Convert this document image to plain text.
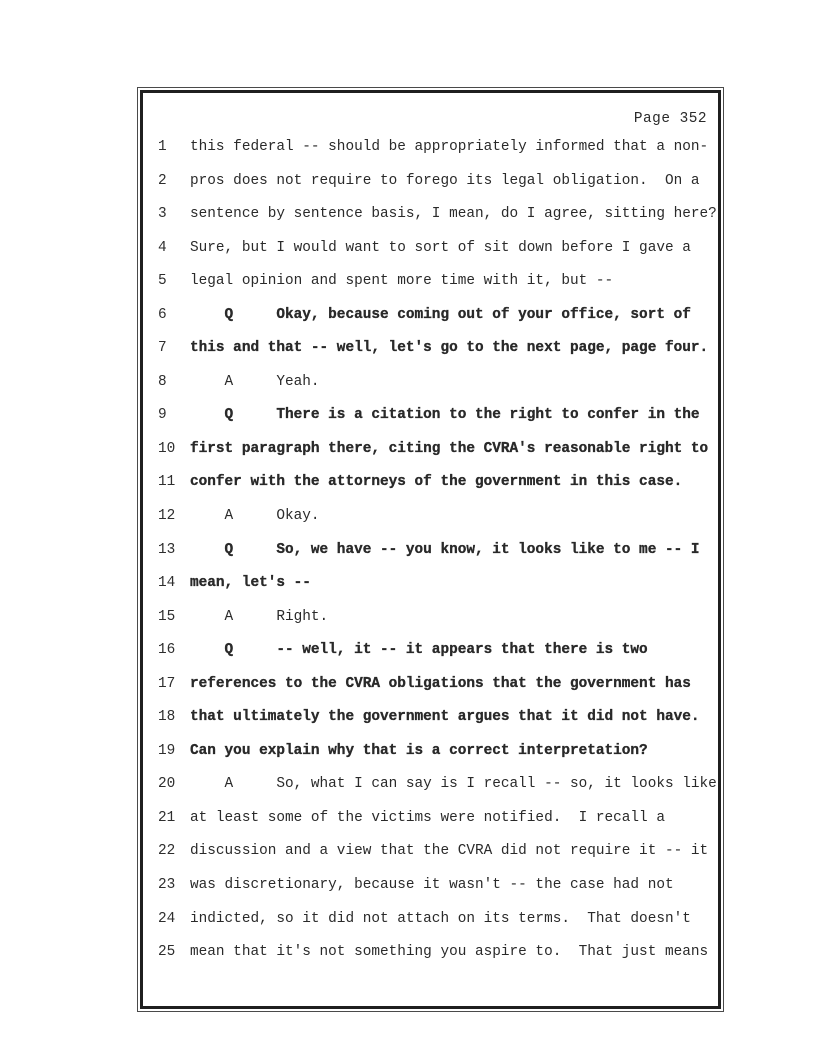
Page 352
1	this federal -- should be appropriately informed that a non-
2	pros does not require to forego its legal obligation.  On a
3	sentence by sentence basis, I mean, do I agree, sitting here?
4	Sure, but I would want to sort of sit down before I gave a
5	legal opinion and spent more time with it, but --
6	Q     Okay, because coming out of your office, sort of
7	this and that -- well, let's go to the next page, page four.
8	A     Yeah.
9	Q     There is a citation to the right to confer in the
10	first paragraph there, citing the CVRA's reasonable right to
11	confer with the attorneys of the government in this case.
12	A     Okay.
13	Q     So, we have -- you know, it looks like to me -- I
14	mean, let's --
15	A     Right.
16	Q     -- well, it -- it appears that there is two
17	references to the CVRA obligations that the government has
18	that ultimately the government argues that it did not have.
19	Can you explain why that is a correct interpretation?
20	A     So, what I can say is I recall -- so, it looks like
21	at least some of the victims were notified.  I recall a
22	discussion and a view that the CVRA did not require it -- it
23	was discretionary, because it wasn't -- the case had not
24	indicted, so it did not attach on its terms.  That doesn't
25	mean that it's not something you aspire to.  That just means
